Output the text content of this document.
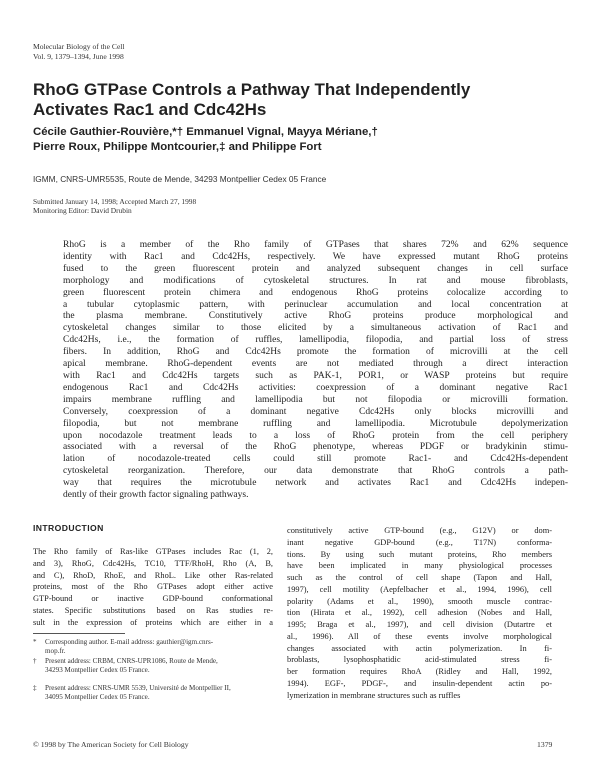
Molecular Biology of the Cell
Vol. 9, 1379–1394, June 1998
RhoG GTPase Controls a Pathway That Independently
Activates Rac1 and Cdc42Hs
Cécile Gauthier-Rouvière,*† Emmanuel Vignal, Mayya Mériane,†
Pierre Roux, Philippe Montcourier,‡ and Philippe Fort
IGMM, CNRS-UMR5535, Route de Mende, 34293 Montpellier Cedex 05 France
Submitted January 14, 1998; Accepted March 27, 1998
Monitoring Editor: David Drubin
RhoG is a member of the Rho family of GTPases that shares 72% and 62% sequence
identity with Rac1 and Cdc42Hs, respectively. We have expressed mutant RhoG proteins
fused to the green fluorescent protein and analyzed subsequent changes in cell surface
morphology and modifications of cytoskeletal structures. In rat and mouse fibroblasts,
green fluorescent protein chimera and endogenous RhoG proteins colocalize according to
a tubular cytoplasmic pattern, with perinuclear accumulation and local concentration at
the plasma membrane. Constitutively active RhoG proteins produce morphological and
cytoskeletal changes similar to those elicited by a simultaneous activation of Rac1 and
Cdc42Hs, i.e., the formation of ruffles, lamellipodia, filopodia, and partial loss of stress
fibers. In addition, RhoG and Cdc42Hs promote the formation of microvilli at the cell
apical membrane. RhoG-dependent events are not mediated through a direct interaction
with Rac1 and Cdc42Hs targets such as PAK-1, POR1, or WASP proteins but require
endogenous Rac1 and Cdc42Hs activities: coexpression of a dominant negative Rac1
impairs membrane ruffling and lamellipodia but not filopodia or microvilli formation.
Conversely, coexpression of a dominant negative Cdc42Hs only blocks microvilli and
filopodia, but not membrane ruffling and lamellipodia. Microtubule depolymerization
upon nocodazole treatment leads to a loss of RhoG protein from the cell periphery
associated with a reversal of the RhoG phenotype, whereas PDGF or bradykinin stimu-
lation of nocodazole-treated cells could still promote Rac1- and Cdc42Hs-dependent
cytoskeletal reorganization. Therefore, our data demonstrate that RhoG controls a path-
way that requires the microtubule network and activates Rac1 and Cdc42Hs indepen-
dently of their growth factor signaling pathways.
INTRODUCTION
The Rho family of Ras-like GTPases includes Rac (1, 2,
and 3), RhoG, Cdc42Hs, TC10, TTF/RhoH, Rho (A, B,
and C), RhoD, RhoE, and RhoL. Like other Ras-related
proteins, most of the Rho GTPases adopt either active
GTP-bound or inactive GDP-bound conformational
states. Specific substitutions based on Ras studies re-
sult in the expression of proteins which are either in a
constitutively active GTP-bound (e.g., G12V) or dom-
inant negative GDP-bound (e.g., T17N) conforma-
tions. By using such mutant proteins, Rho members
have been implicated in many physiological processes
such as the control of cell shape (Tapon and Hall,
1997), cell motility (Aepfelbacher et al., 1994, 1996), cell
polarity (Adams et al., 1990), smooth muscle contrac-
tion (Hirata et al., 1992), cell adhesion (Nobes and Hall,
1995; Braga et al., 1997), and cell division (Dutartre et
al., 1996). All of these events involve morphological
changes associated with actin polymerization. In fi-
broblasts, lysophosphatidic acid-stimulated stress fi-
ber formation requires RhoA (Ridley and Hall, 1992,
1994). EGF-, PDGF-, and insulin-dependent actin po-
lymerization in membrane structures such as ruffles
*	Corresponding author. E-mail address: gauthier@igm.cnrs-
mop.fr.
†	Present address: CRBM, CNRS-UPR1086, Route de Mende,
34293 Montpellier Cedex 05 France.
‡	Present address: CNRS-UMR 5539, Université de Montpellier II,
34095 Montpellier Cedex 05 France.
© 1998 by The American Society for Cell Biology	1379
